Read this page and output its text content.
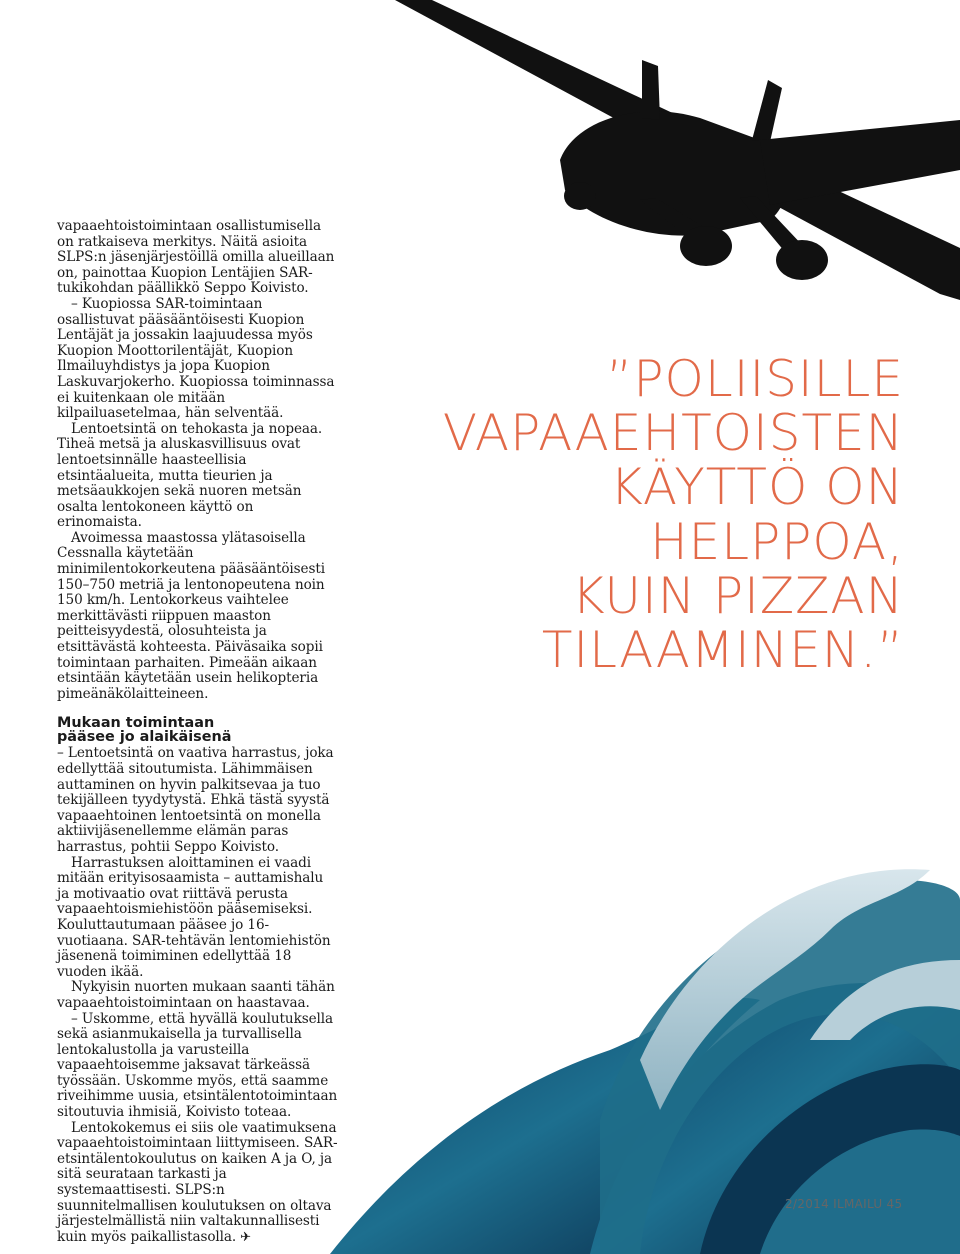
vapaaehtoistoimintaan osallistumisella on ratkaiseva merkitys. Näitä asioita SLPS:n jäsenjärjestöillä omilla alueillaan on, painottaa Kuopion Lentäjien SAR-tukikohdan päällikkö Seppo Koivisto.

– Kuopiossa SAR-toimintaan osallistuvat pääsääntöisesti Kuopion Lentäjät ja jossakin laajuudessa myös Kuopion Moottorilentäjät, Kuopion Ilmailuyhdistys ja jopa Kuopion Laskuvarjokerho. Kuopiossa toiminnassa ei kuitenkaan ole mitään kilpailuasetelmaa, hän selventää.

Lentoetsintä on tehokasta ja nopeaa. Tiheä metsä ja aluskasvillisuus ovat lentoetsinnälle haasteellisia etsintäalueita, mutta tieurien ja metsäaukkojen sekä nuoren metsän osalta lentokoneen käyttö on erinomaista.

Avoimessa maastossa ylätasoisella Cessnalla käytetään minimilentokorkeutena pääsääntöisesti 150–750 metriä ja lentonopeutena noin 150 km/h. Lentokorkeus vaihtelee merkittävästi riippuen maaston peitteisyydestä, olosuhteista ja etsittävästä kohteesta. Päiväsaika sopii toimintaan parhaiten. Pimeään aikaan etsintään käytetään usein helikopteria pimeänäkölaitteineen.

Mukaan toimintaan
pääsee jo alaikäisenä

– Lentoetsintä on vaativa harrastus, joka edellyttää sitoutumista. Lähimmäisen auttaminen on hyvin palkitsevaa ja tuo tekijälleen tyydytystä. Ehkä tästä syystä vapaaehtoinen lentoetsintä on monella aktiivijäsenellemme elämän paras harrastus, pohtii Seppo Koivisto.

Harrastuksen aloittaminen ei vaadi mitään erityisosaamista – auttamishalu ja motivaatio ovat riittävä perusta vapaaehtoismiehistöön pääsemiseksi. Kouluttautumaan pääsee jo 16-vuotiaana. SAR-tehtävän lentomiehistön jäsenenä toimiminen edellyttää 18 vuoden ikää.

Nykyisin nuorten mukaan saanti tähän vapaaehtoistoimintaan on haastavaa.

– Uskomme, että hyvällä koulutuksella sekä asianmukaisella ja turvallisella lentokalustolla ja varusteilla vapaaehtoisemme jaksavat tärkeässä työssään. Uskomme myös, että saamme riveihimme uusia, etsintälentotoimintaan sitoutuvia ihmisiä, Koivisto toteaa.

Lentokokemus ei siis ole vaatimuksena vapaaehtoistoimintaan liittymiseen. SAR-etsintälentokoulutus on kaiken A ja O, ja sitä seurataan tarkasti ja systemaattisesti. SLPS:n suunnitelmallisen koulutuksen on oltava järjestelmällistä niin valtakunnallisesti kuin myös paikallistasolla. ✈

”POLIISILLE
VAPAAEHTOISTEN
KÄYTTÖ ON
HELPPOA,
KUIN PIZZAN
TILAAMINEN.”
2/2014 ILMAILU 45
